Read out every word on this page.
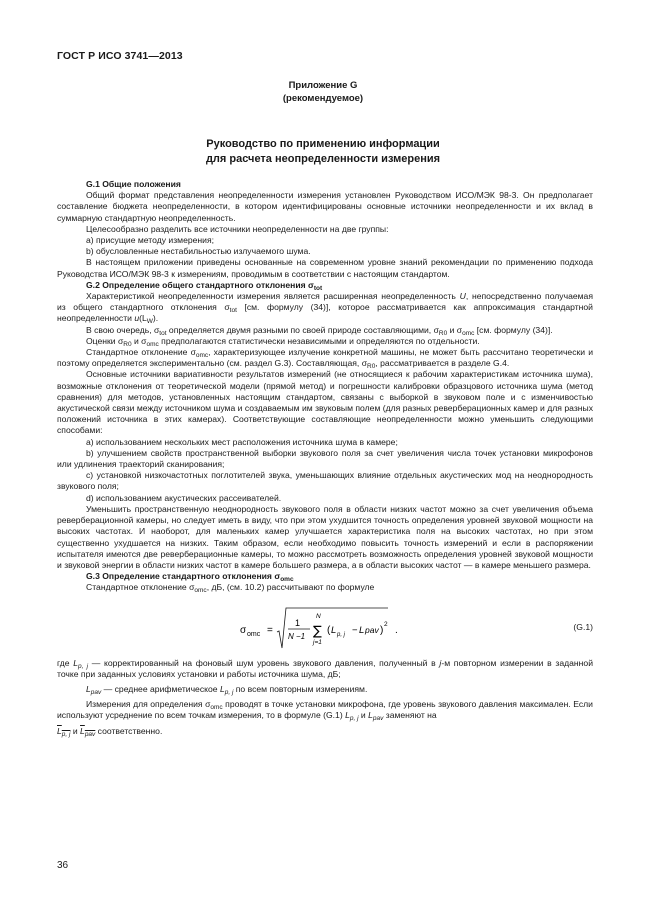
ГОСТ Р ИСО 3741—2013
Приложение G
(рекомендуемое)
Руководство по применению информации
для расчета неопределенности измерения
G.1 Общие положения

Общий формат представления неопределенности измерения установлен Руководством ИСО/МЭК 98-3. Он предполагает составление бюджета неопределенности, в котором идентифицированы основные источники неопределенности и их вклад в суммарную стандартную неопределенность.

Целесообразно разделить все источники неопределенности на две группы:

a) присущие методу измерения;

b) обусловленные нестабильностью излучаемого шума.

В настоящем приложении приведены основанные на современном уровне знаний рекомендации по применению подхода Руководства ИСО/МЭК 98-3 к измерениям, проводимым в соответствии с настоящим стандартом.

G.2 Определение общего стандартного отклонения $\sigma_{tot}$

Характеристикой неопределенности измерения является расширенная неопределенность U, непосредственно получаемая из общего стандартного отклонения $\sigma_{tot}$ [см. формулу (34)], которое рассматривается как аппроксимация стандартной неопределенности $u(L_W)$.

В свою очередь, $\sigma_{tot}$ определяется двумя разными по своей природе составляющими, $\sigma_{R0}$ и $\sigma_{omc}$ [см. формулу (34)].

Оценки $\sigma_{R0}$ и $\sigma_{omc}$ предполагаются статистически независимыми и определяются по отдельности.

Стандартное отклонение $\sigma_{omc}$, характеризующее излучение конкретной машины, не может быть рассчитано теоретически и поэтому определяется экспериментально (см. раздел G.3). Составляющая, $\sigma_{R0}$, рассматривается в разделе G.4.

Основные источники вариативности результатов измерений (не относящиеся к рабочим характеристикам источника шума), возможные отклонения от теоретической модели (прямой метод) и погрешности калибровки образцового источника шума (метод сравнения) для методов, установленных настоящим стандартом, связаны с выборкой в звуковом поле и с изменчивостью акустической связи между источником шума и создаваемым им звуковым полем (для разных реверберационных камер и для разных положений источника в этих камерах). Соответствующие составляющие неопределенности можно уменьшить следующими способами:

a) использованием нескольких мест расположения источника шума в камере;

b) улучшением свойств пространственной выборки звукового поля за счет увеличения числа точек установки микрофонов или удлинения траекторий сканирования;

c) установкой низкочастотных поглотителей звука, уменьшающих влияние отдельных акустических мод на неоднородность звукового поля;

d) использованием акустических рассеивателей.

Уменьшить пространственную неоднородность звукового поля в области низких частот можно за счет увеличения объема реверберационной камеры, но следует иметь в виду, что при этом ухудшится точность определения уровней звуковой мощности на высоких частотах. И наоборот, для маленьких камер улучшается характеристика поля на высоких частотах, но при этом существенно ухудшается на низких. Таким образом, если необходимо повысить точность измерений и если в распоряжении испытателя имеются две реверберационные камеры, то можно рассмотреть возможность определения уровней звуковой мощности и звуковой энергии в области низких частот в камере большего размера, а в области высоких частот — в камере меньшего размера.

G.3 Определение стандартного отклонения $\sigma_{omc}$

Стандартное отклонение $\sigma_{omc}$, дБ, (см. 10.2) рассчитывают по формуле

σ omc =
1
N −1
N
∑
j=1
( L p, j − L pav )
2
.	(G.1)

где $L_{p, j}$ — корректированный на фоновый шум уровень звукового давления, полученный в j-м повторном измерении в заданной точке при заданных условиях установки и работы источника шума, дБ;

$L_{pav}$ — среднее арифметическое $L_{p, j}$ по всем повторным измерениям.

Измерения для определения $\sigma_{omc}$ проводят в точке установки микрофона, где уровень звукового давления максимален. Если используют усреднение по всем точкам измерения, то в формуле (G.1) $L_{p, j}$ и $L_{pav}$ заменяют на

$L_{p, j}$ и $L_{pav}$ соответственно.

36
